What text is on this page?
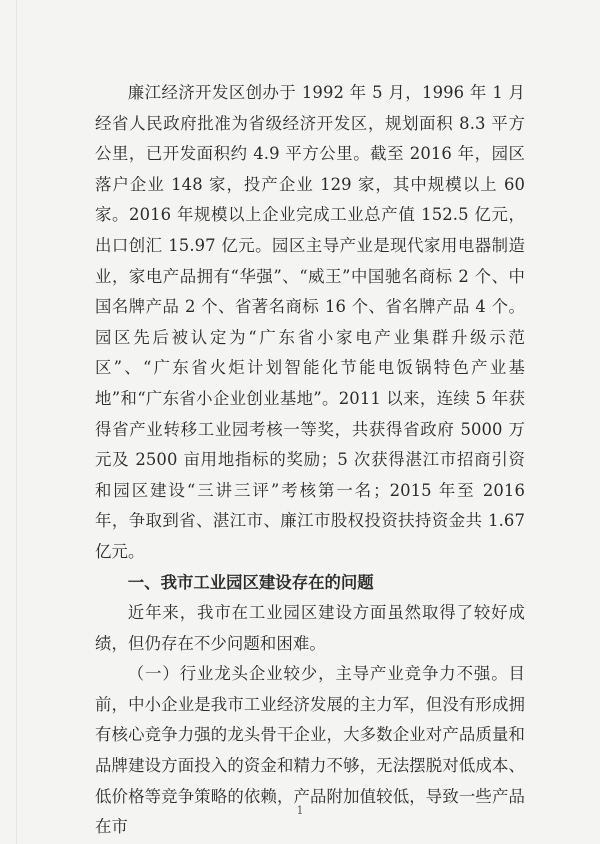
廉江经济开发区创办于 1992 年 5 月，1996 年 1 月经省人民政府批准为省级经济开发区，规划面积 8.3 平方公里，已开发面积约 4.9 平方公里。截至 2016 年，园区落户企业 148 家，投产企业 129 家，其中规模以上 60 家。2016 年规模以上企业完成工业总产值 152.5 亿元，出口创汇 15.97 亿元。园区主导产业是现代家用电器制造业，家电产品拥有“华强”、“威王”中国驰名商标 2 个、中国名牌产品 2 个、省著名商标 16 个、省名牌产品 4 个。园区先后被认定为“广东省小家电产业集群升级示范区”、“广东省火炬计划智能化节能电饭锅特色产业基地”和“广东省小企业创业基地”。2011 以来，连续 5 年获得省产业转移工业园考核一等奖，共获得省政府 5000 万元及 2500 亩用地指标的奖励；5 次获得湛江市招商引资和园区建设“三讲三评”考核第一名；2015 年至 2016 年，争取到省、湛江市、廉江市股权投资扶持资金共 1.67 亿元。

一、我市工业园区建设存在的问题

近年来，我市在工业园区建设方面虽然取得了较好成绩，但仍存在不少问题和困难。

（一）行业龙头企业较少，主导产业竞争力不强。目前，中小企业是我市工业经济发展的主力军，但没有形成拥有核心竞争力强的龙头骨干企业，大多数企业对产品质量和品牌建设方面投入的资金和精力不够，无法摆脱对低成本、低价格等竞争策略的依赖，产品附加值较低，导致一些产品在市

1
